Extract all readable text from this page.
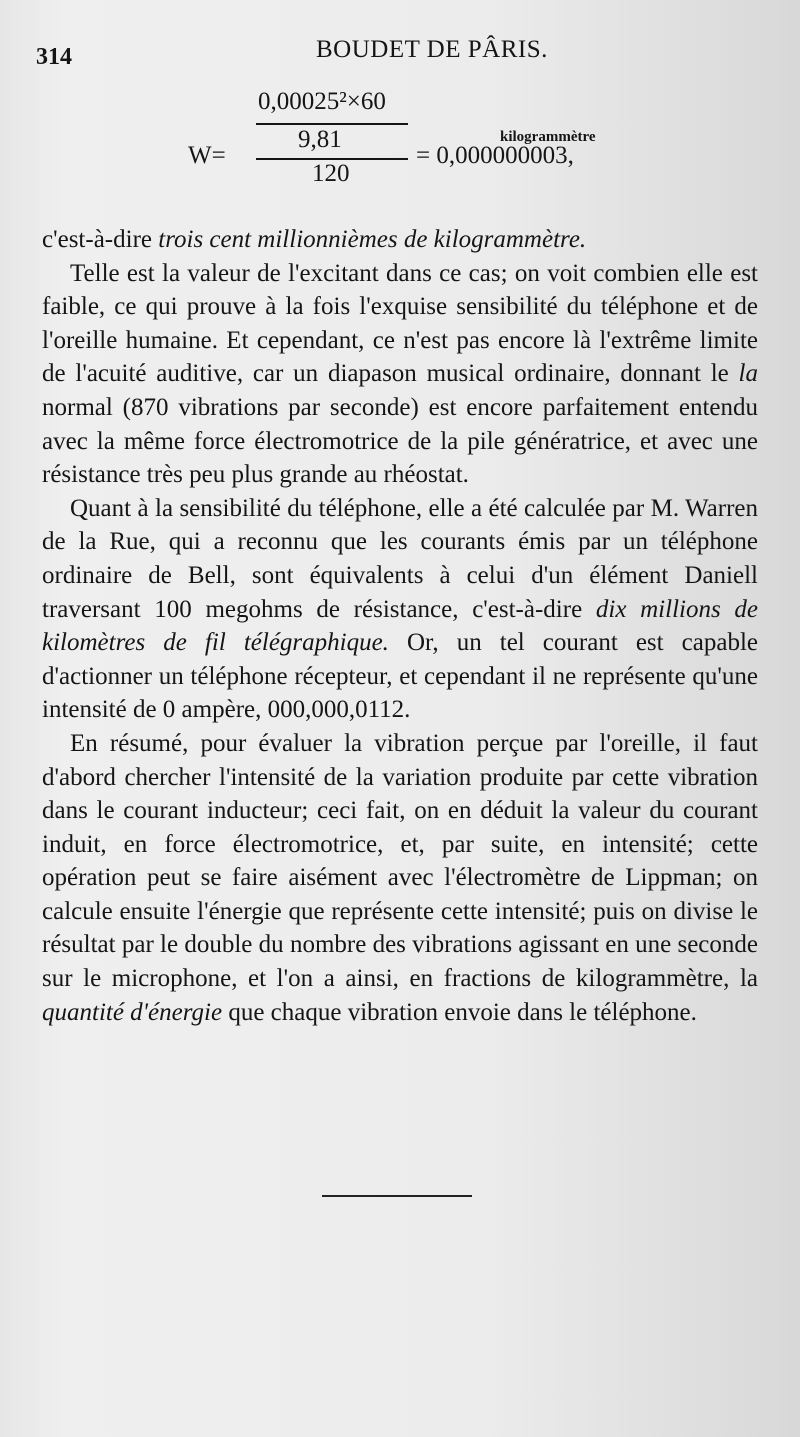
314	BOUDET DE PÂRIS.
0,00025²×60
9,81
W=
120
kilogrammètre
= 0,000000003,

c'est-à-dire trois cent millionnièmes de kilogrammètre.

Telle est la valeur de l'excitant dans ce cas; on voit combien elle est faible, ce qui prouve à la fois l'exquise sensibilité du téléphone et de l'oreille humaine. Et cependant, ce n'est pas encore là l'extrême limite de l'acuité auditive, car un diapason musical ordinaire, donnant le la normal (870 vibrations par seconde) est encore parfaitement entendu avec la même force électromotrice de la pile génératrice, et avec une résistance très peu plus grande au rhéostat.

Quant à la sensibilité du téléphone, elle a été calculée par M. Warren de la Rue, qui a reconnu que les courants émis par un téléphone ordinaire de Bell, sont équivalents à celui d'un élément Daniell traversant 100 megohms de résistance, c'est-à-dire dix millions de kilomètres de fil télégraphique. Or, un tel courant est capable d'actionner un téléphone récepteur, et cependant il ne représente qu'une intensité de 0 ampère, 000,000,0112.

En résumé, pour évaluer la vibration perçue par l'oreille, il faut d'abord chercher l'intensité de la variation produite par cette vibration dans le courant inducteur; ceci fait, on en déduit la valeur du courant induit, en force électromotrice, et, par suite, en intensité; cette opération peut se faire aisément avec l'électromètre de Lippman; on calcule ensuite l'énergie que représente cette intensité; puis on divise le résultat par le double du nombre des vibrations agissant en une seconde sur le microphone, et l'on a ainsi, en fractions de kilogrammètre, la quantité d'énergie que chaque vibration envoie dans le téléphone.
